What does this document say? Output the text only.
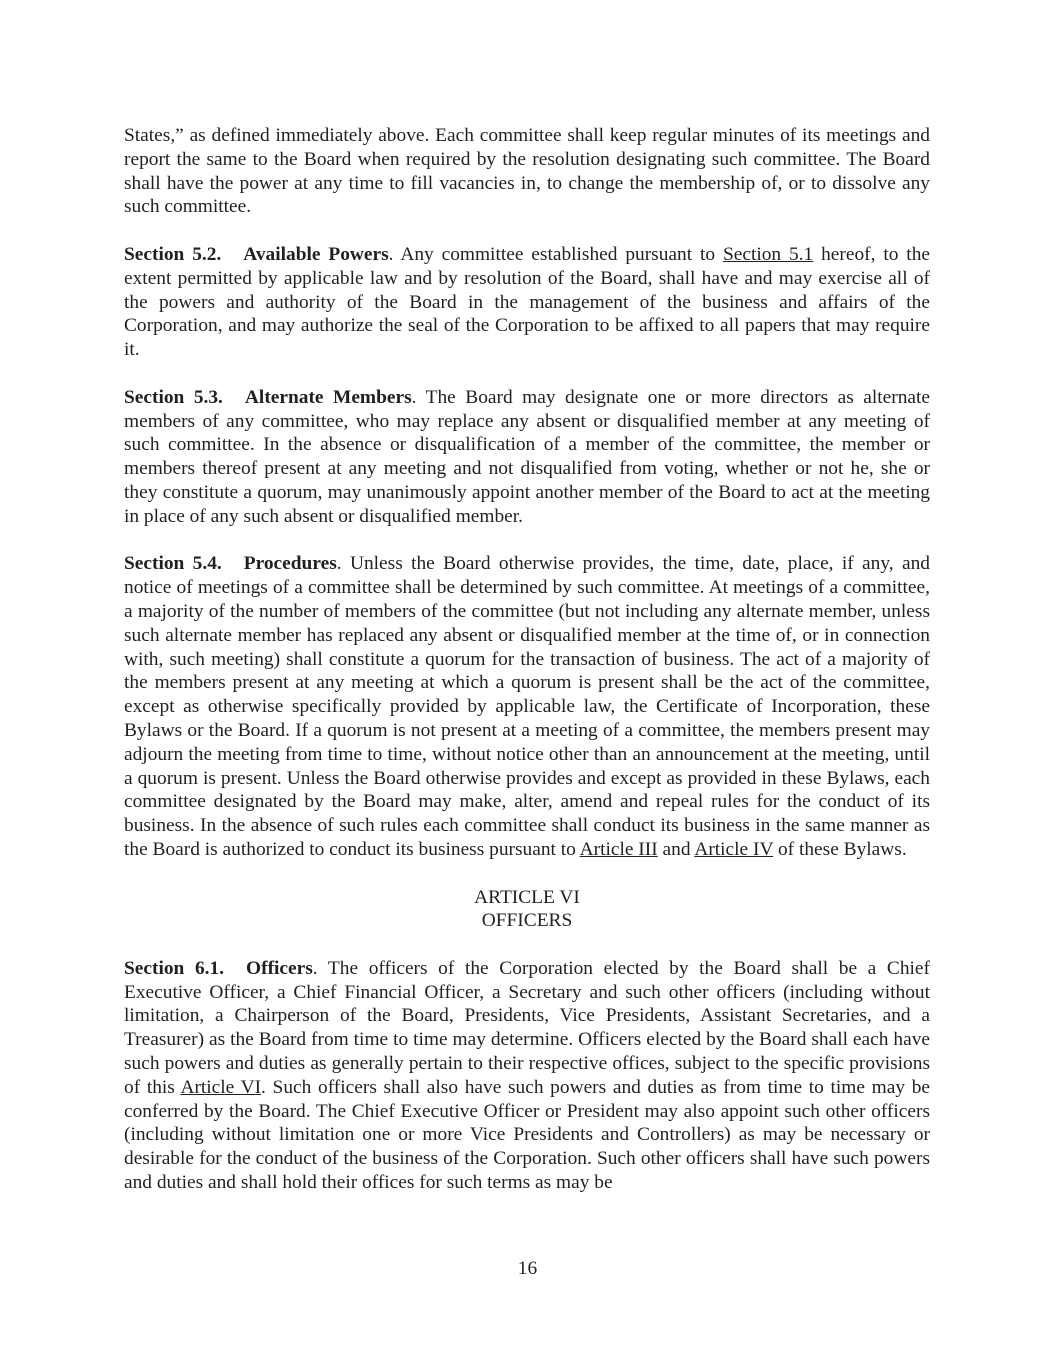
States,” as defined immediately above. Each committee shall keep regular minutes of its meetings and report the same to the Board when required by the resolution designating such committee. The Board shall have the power at any time to fill vacancies in, to change the membership of, or to dissolve any such committee.

Section 5.2. Available Powers. Any committee established pursuant to Section 5.1 hereof, to the extent permitted by applicable law and by resolution of the Board, shall have and may exercise all of the powers and authority of the Board in the management of the business and affairs of the Corporation, and may authorize the seal of the Corporation to be affixed to all papers that may require it.

Section 5.3. Alternate Members. The Board may designate one or more directors as alternate members of any committee, who may replace any absent or disqualified member at any meeting of such committee. In the absence or disqualification of a member of the committee, the member or members thereof present at any meeting and not disqualified from voting, whether or not he, she or they constitute a quorum, may unanimously appoint another member of the Board to act at the meeting in place of any such absent or disqualified member.

Section 5.4. Procedures. Unless the Board otherwise provides, the time, date, place, if any, and notice of meetings of a committee shall be determined by such committee. At meetings of a committee, a majority of the number of members of the committee (but not including any alternate member, unless such alternate member has replaced any absent or disqualified member at the time of, or in connection with, such meeting) shall constitute a quorum for the transaction of business. The act of a majority of the members present at any meeting at which a quorum is present shall be the act of the committee, except as otherwise specifically provided by applicable law, the Certificate of Incorporation, these Bylaws or the Board. If a quorum is not present at a meeting of a committee, the members present may adjourn the meeting from time to time, without notice other than an announcement at the meeting, until a quorum is present. Unless the Board otherwise provides and except as provided in these Bylaws, each committee designated by the Board may make, alter, amend and repeal rules for the conduct of its business. In the absence of such rules each committee shall conduct its business in the same manner as the Board is authorized to conduct its business pursuant to Article III and Article IV of these Bylaws.

ARTICLE VI
OFFICERS

Section 6.1. Officers. The officers of the Corporation elected by the Board shall be a Chief Executive Officer, a Chief Financial Officer, a Secretary and such other officers (including without limitation, a Chairperson of the Board, Presidents, Vice Presidents, Assistant Secretaries, and a Treasurer) as the Board from time to time may determine. Officers elected by the Board shall each have such powers and duties as generally pertain to their respective offices, subject to the specific provisions of this Article VI. Such officers shall also have such powers and duties as from time to time may be conferred by the Board. The Chief Executive Officer or President may also appoint such other officers (including without limitation one or more Vice Presidents and Controllers) as may be necessary or desirable for the conduct of the business of the Corporation. Such other officers shall have such powers and duties and shall hold their offices for such terms as may be

16
